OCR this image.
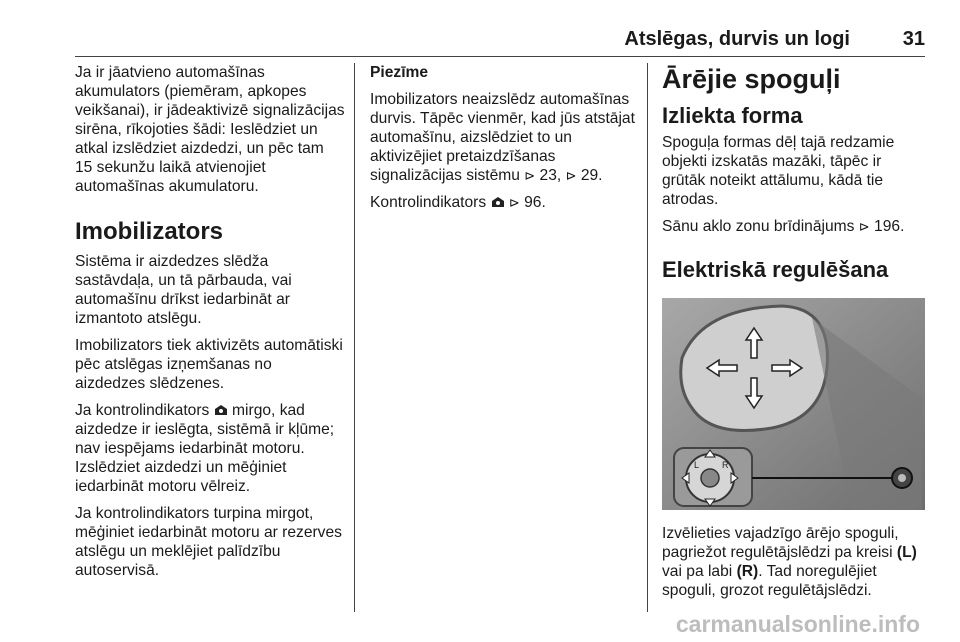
Atslēgas, durvis un logi	31

Ja ir jāatvieno automašīnas akumulators (piemēram, apkopes veikšanai), ir jādeaktivizē signalizācijas sirēna, rīkojoties šādi: Ieslēdziet un atkal izslēdziet aizdedzi, un pēc tam 15 sekunžu laikā atvienojiet automašīnas akumulatoru.

Imobilizators

Sistēma ir aizdedzes slēdža sastāvdaļa, un tā pārbauda, vai automašīnu drīkst iedarbināt ar izmantoto atslēgu.

Imobilizators tiek aktivizēts automātiski pēc atslēgas izņemšanas no aizdedzes slēdzenes.

Ja kontrolindikators mirgo, kad aizdedze ir ieslēgta, sistēmā ir kļūme; nav iespējams iedarbināt motoru. Izslēdziet aizdedzi un mēģiniet iedarbināt motoru vēlreiz.

Ja kontrolindikators turpina mirgot, mēģiniet iedarbināt motoru ar rezerves atslēgu un meklējiet palīdzību autoservisā.

Piezīme

Imobilizators neaizslēdz automašīnas durvis. Tāpēc vienmēr, kad jūs atstājat automašīnu, aizslēdziet to un aktivizējiet pretaizdzīšanas signalizācijas sistēmu ⊳ 23, ⊳ 29.

Kontrolindikators ⊳ 96.

Ārējie spoguļi
Izliekta forma

Spoguļa formas dēļ tajā redzamie objekti izskatās mazāki, tāpēc ir grūtāk noteikt attālumu, kādā tie atrodas.

Sānu aklo zonu brīdinājums ⊳ 196.

Elektriskā regulēšana
L	R

Izvēlieties vajadzīgo ārējo spoguli, pagriežot regulētājslēdzi pa kreisi (L) vai pa labi (R). Tad noregulējiet spoguli, grozot regulētājslēdzi.

carmanualsonline.info
